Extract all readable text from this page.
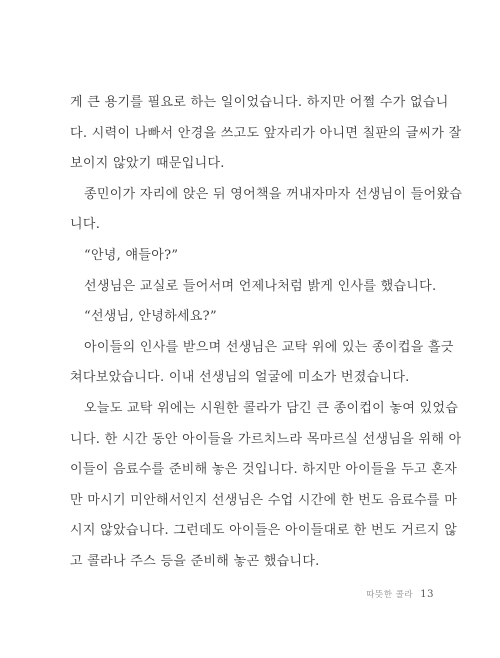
게 큰 용기를 필요로 하는 일이었습니다. 하지만 어쩔 수가 없습니
다. 시력이 나빠서 안경을 쓰고도 앞자리가 아니면 칠판의 글씨가 잘
보이지 않았기 때문입니다.
종민이가 자리에 앉은 뒤 영어책을 꺼내자마자 선생님이 들어왔습
니다.
“안녕, 얘들아?”
선생님은 교실로 들어서며 언제나처럼 밝게 인사를 했습니다.
“선생님, 안녕하세요?”
아이들의 인사를 받으며 선생님은 교탁 위에 있는 종이컵을 흘긋
쳐다보았습니다. 이내 선생님의 얼굴에 미소가 번졌습니다.
오늘도 교탁 위에는 시원한 콜라가 담긴 큰 종이컵이 놓여 있었습
니다. 한 시간 동안 아이들을 가르치느라 목마르실 선생님을 위해 아
이들이 음료수를 준비해 놓은 것입니다. 하지만 아이들을 두고 혼자
만 마시기 미안해서인지 선생님은 수업 시간에 한 번도 음료수를 마
시지 않았습니다. 그런데도 아이들은 아이들대로 한 번도 거르지 않
고 콜라나 주스 등을 준비해 놓곤 했습니다.
따뜻한 콜라 13
